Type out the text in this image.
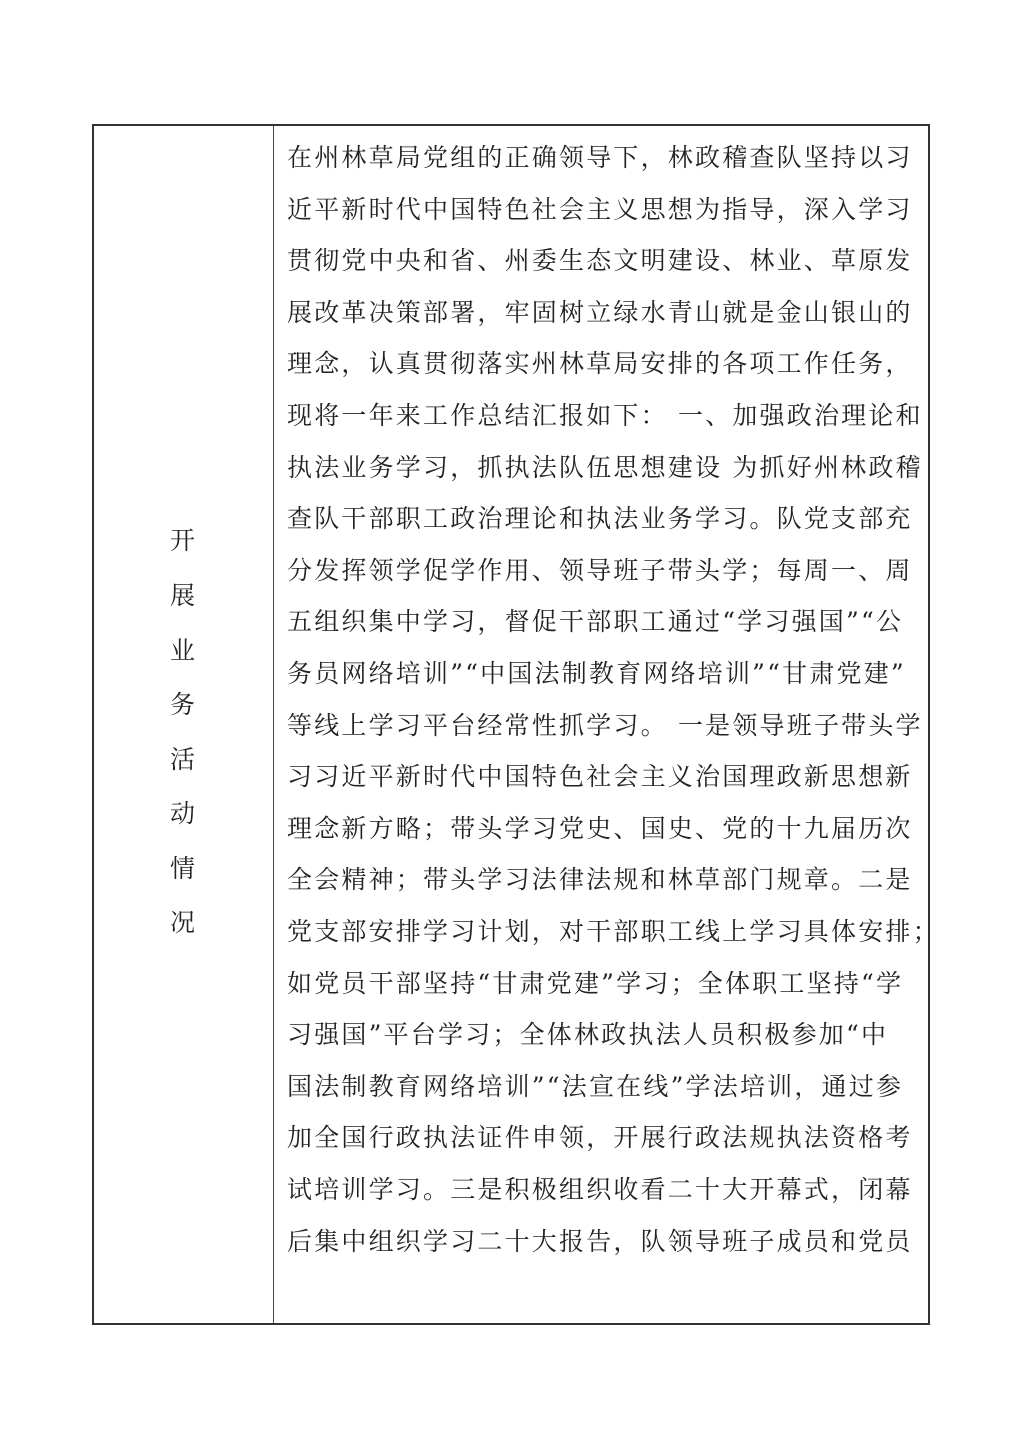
开
展
业
务
活
动
情
况
在州林草局党组的正确领导下，林政稽查队坚持以习
近平新时代中国特色社会主义思想为指导，深入学习
贯彻党中央和省、州委生态文明建设、林业、草原发
展改革决策部署，牢固树立绿水青山就是金山银山的
理念，认真贯彻落实州林草局安排的各项工作任务，
现将一年来工作总结汇报如下： 一、加强政治理论和
执法业务学习，抓执法队伍思想建设 为抓好州林政稽
查队干部职工政治理论和执法业务学习。队党支部充
分发挥领学促学作用、领导班子带头学；每周一、周
五组织集中学习，督促干部职工通过“学习强国”“公
务员网络培训”“中国法制教育网络培训”“甘肃党建”
等线上学习平台经常性抓学习。 一是领导班子带头学
习习近平新时代中国特色社会主义治国理政新思想新
理念新方略；带头学习党史、国史、党的十九届历次
全会精神；带头学习法律法规和林草部门规章。二是
党支部安排学习计划，对干部职工线上学习具体安排；
如党员干部坚持“甘肃党建”学习；全体职工坚持“学
习强国”平台学习；全体林政执法人员积极参加“中
国法制教育网络培训”“法宣在线”学法培训，通过参
加全国行政执法证件申领，开展行政法规执法资格考
试培训学习。三是积极组织收看二十大开幕式，闭幕
后集中组织学习二十大报告，队领导班子成员和党员
